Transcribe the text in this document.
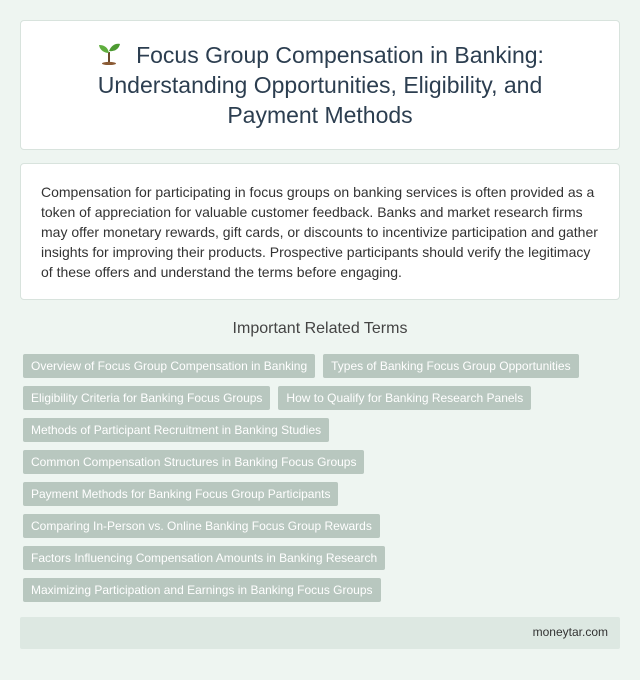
Focus Group Compensation in Banking: Understanding Opportunities, Eligibility, and Payment Methods

Compensation for participating in focus groups on banking services is often provided as a token of appreciation for valuable customer feedback. Banks and market research firms may offer monetary rewards, gift cards, or discounts to incentivize participation and gather insights for improving their products. Prospective participants should verify the legitimacy of these offers and understand the terms before engaging.

Important Related Terms
Overview of Focus Group Compensation in Banking	Types of Banking Focus Group Opportunities
Eligibility Criteria for Banking Focus Groups	How to Qualify for Banking Research Panels
Methods of Participant Recruitment in Banking Studies
Common Compensation Structures in Banking Focus Groups
Payment Methods for Banking Focus Group Participants
Comparing In-Person vs. Online Banking Focus Group Rewards
Factors Influencing Compensation Amounts in Banking Research
Maximizing Participation and Earnings in Banking Focus Groups
moneytar.com
